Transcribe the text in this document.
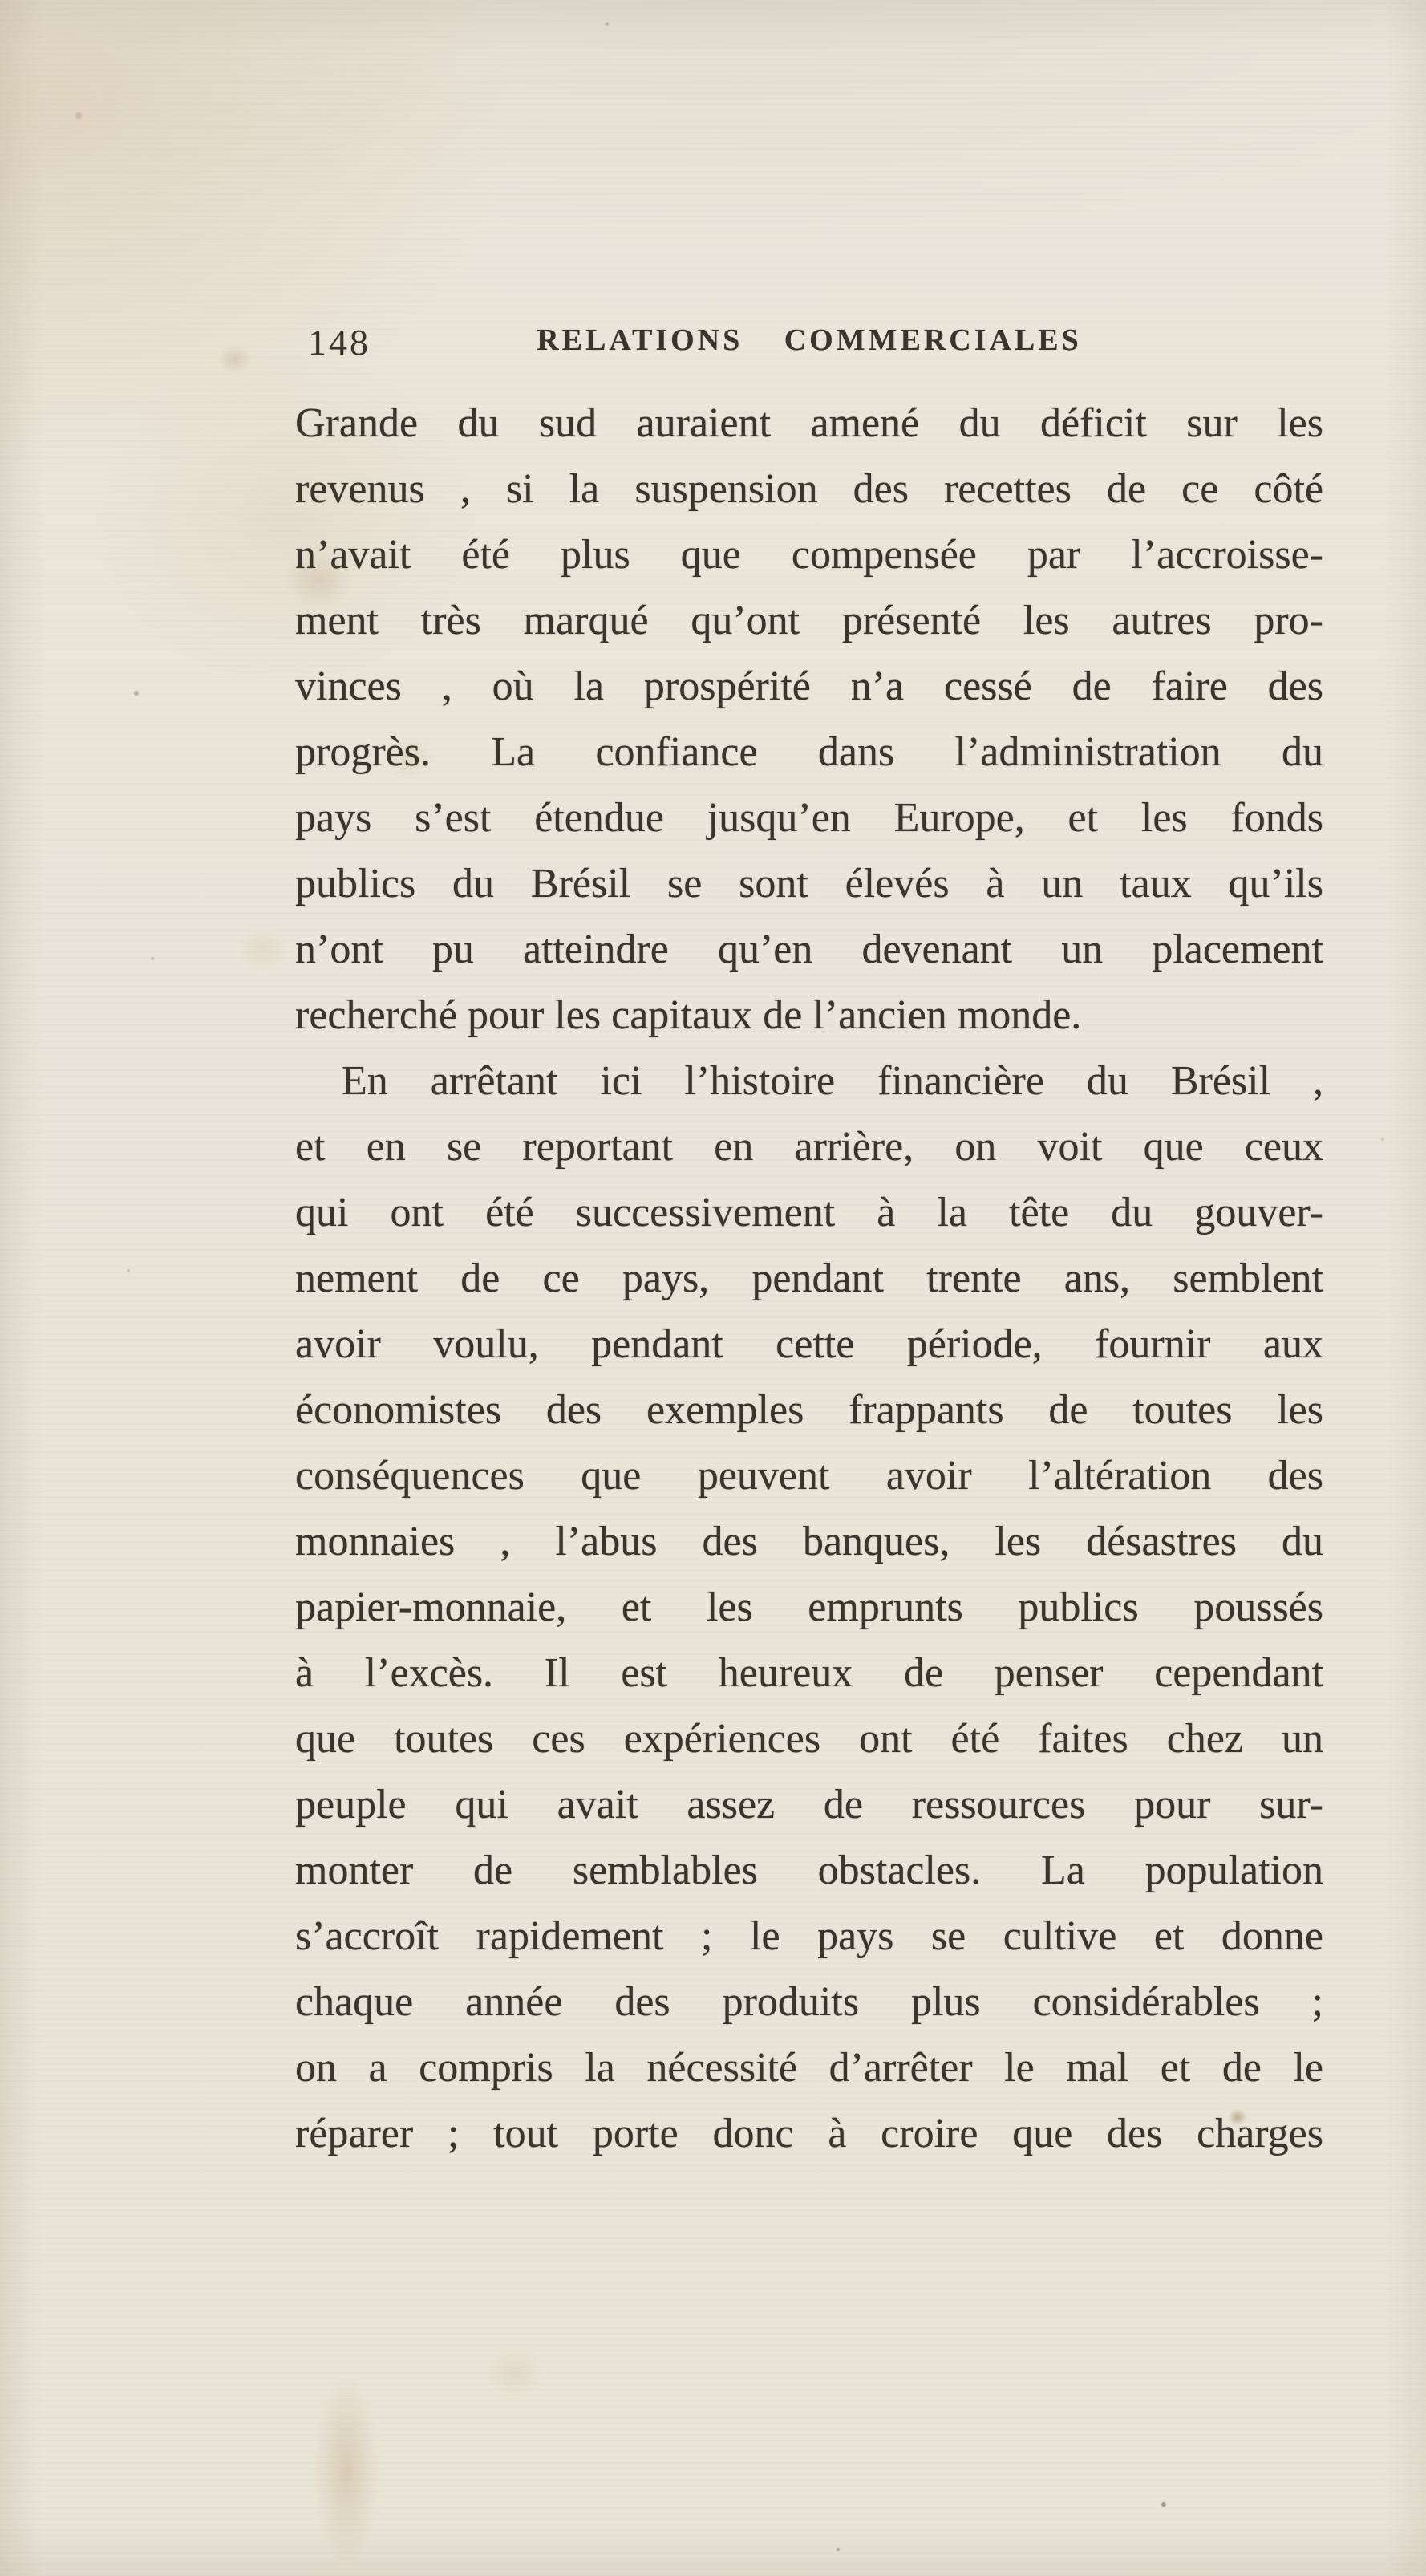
148	RELATIONS COMMERCIALES
Grande du sud auraient amené du déficit sur les
revenus , si la suspension des recettes de ce côté
n’avait été plus que compensée par l’accroisse-
ment très marqué qu’ont présenté les autres pro-
vinces , où la prospérité n’a cessé de faire des
progrès. La confiance dans l’administration du
pays s’est étendue jusqu’en Europe, et les fonds
publics du Brésil se sont élevés à un taux qu’ils
n’ont pu atteindre qu’en devenant un placement
recherché pour les capitaux de l’ancien monde.
En arrêtant ici l’histoire financière du Brésil ,
et en se reportant en arrière, on voit que ceux
qui ont été successivement à la tête du gouver-
nement de ce pays, pendant trente ans, semblent
avoir voulu, pendant cette période, fournir aux
économistes des exemples frappants de toutes les
conséquences que peuvent avoir l’altération des
monnaies , l’abus des banques, les désastres du
papier-monnaie, et les emprunts publics poussés
à l’excès. Il est heureux de penser cependant
que toutes ces expériences ont été faites chez un
peuple qui avait assez de ressources pour sur-
monter de semblables obstacles. La population
s’accroît rapidement ; le pays se cultive et donne
chaque année des produits plus considérables ;
on a compris la nécessité d’arrêter le mal et de le
réparer ; tout porte donc à croire que des charges
